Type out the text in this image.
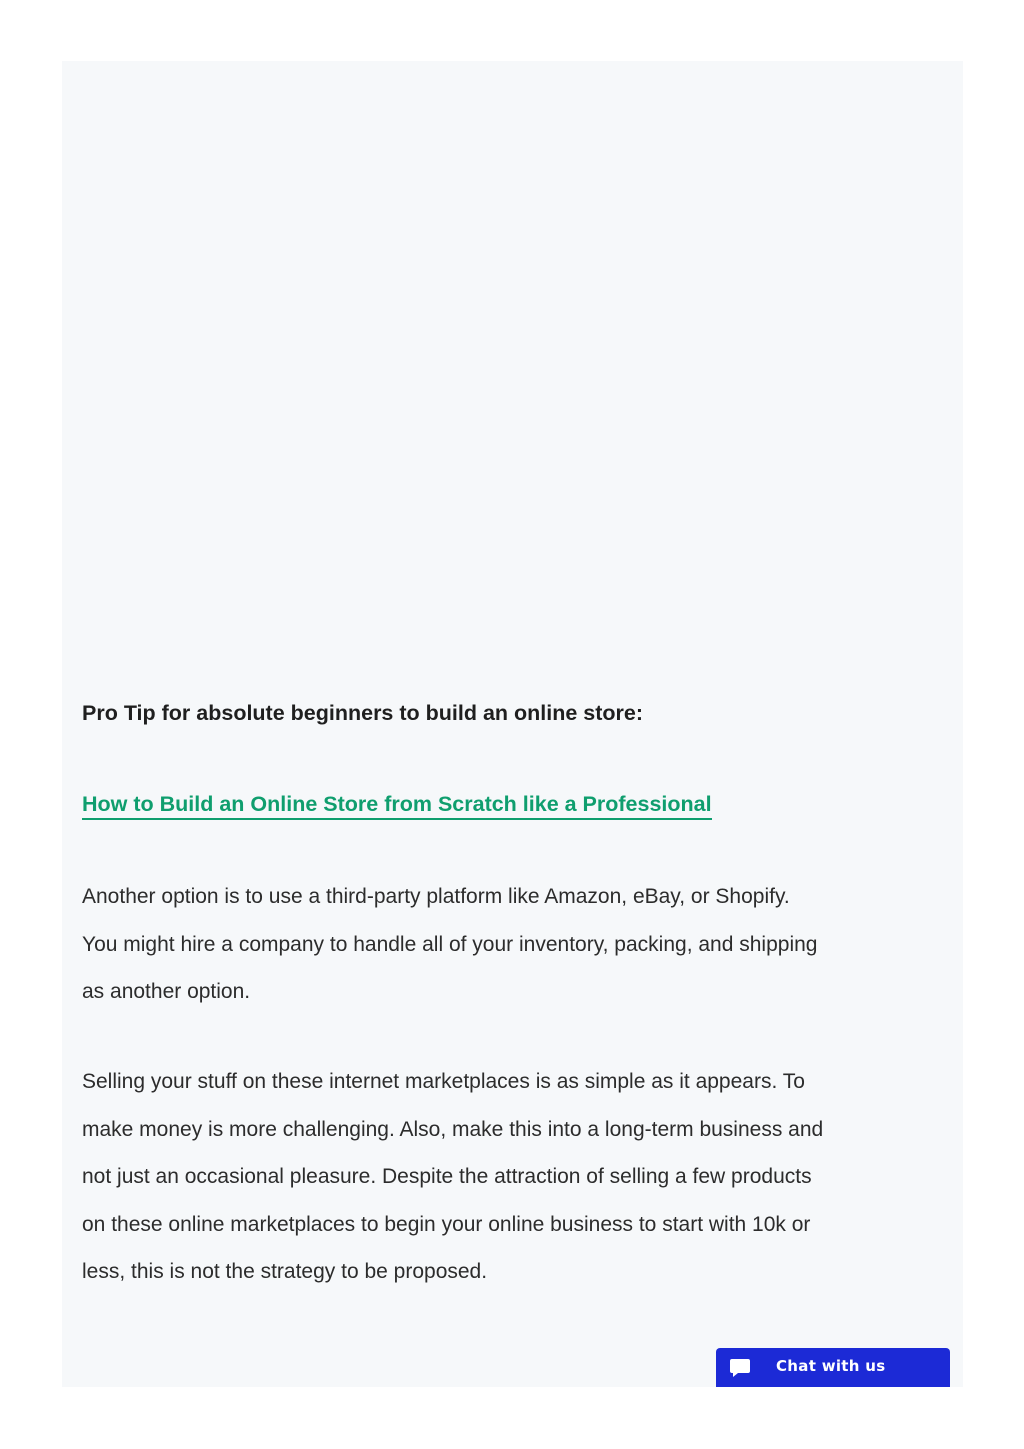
Pro Tip for absolute beginners to build an online store:

How to Build an Online Store from Scratch like a Professional

Another option is to use a third-party platform like Amazon, eBay, or Shopify.
You might hire a company to handle all of your inventory, packing, and shipping
as another option.

Selling your stuff on these internet marketplaces is as simple as it appears. To
make money is more challenging. Also, make this into a long-term business and
not just an occasional pleasure. Despite the attraction of selling a few products
on these online marketplaces to begin your online business to start with 10k or
less, this is not the strategy to be proposed.

Chat with us
